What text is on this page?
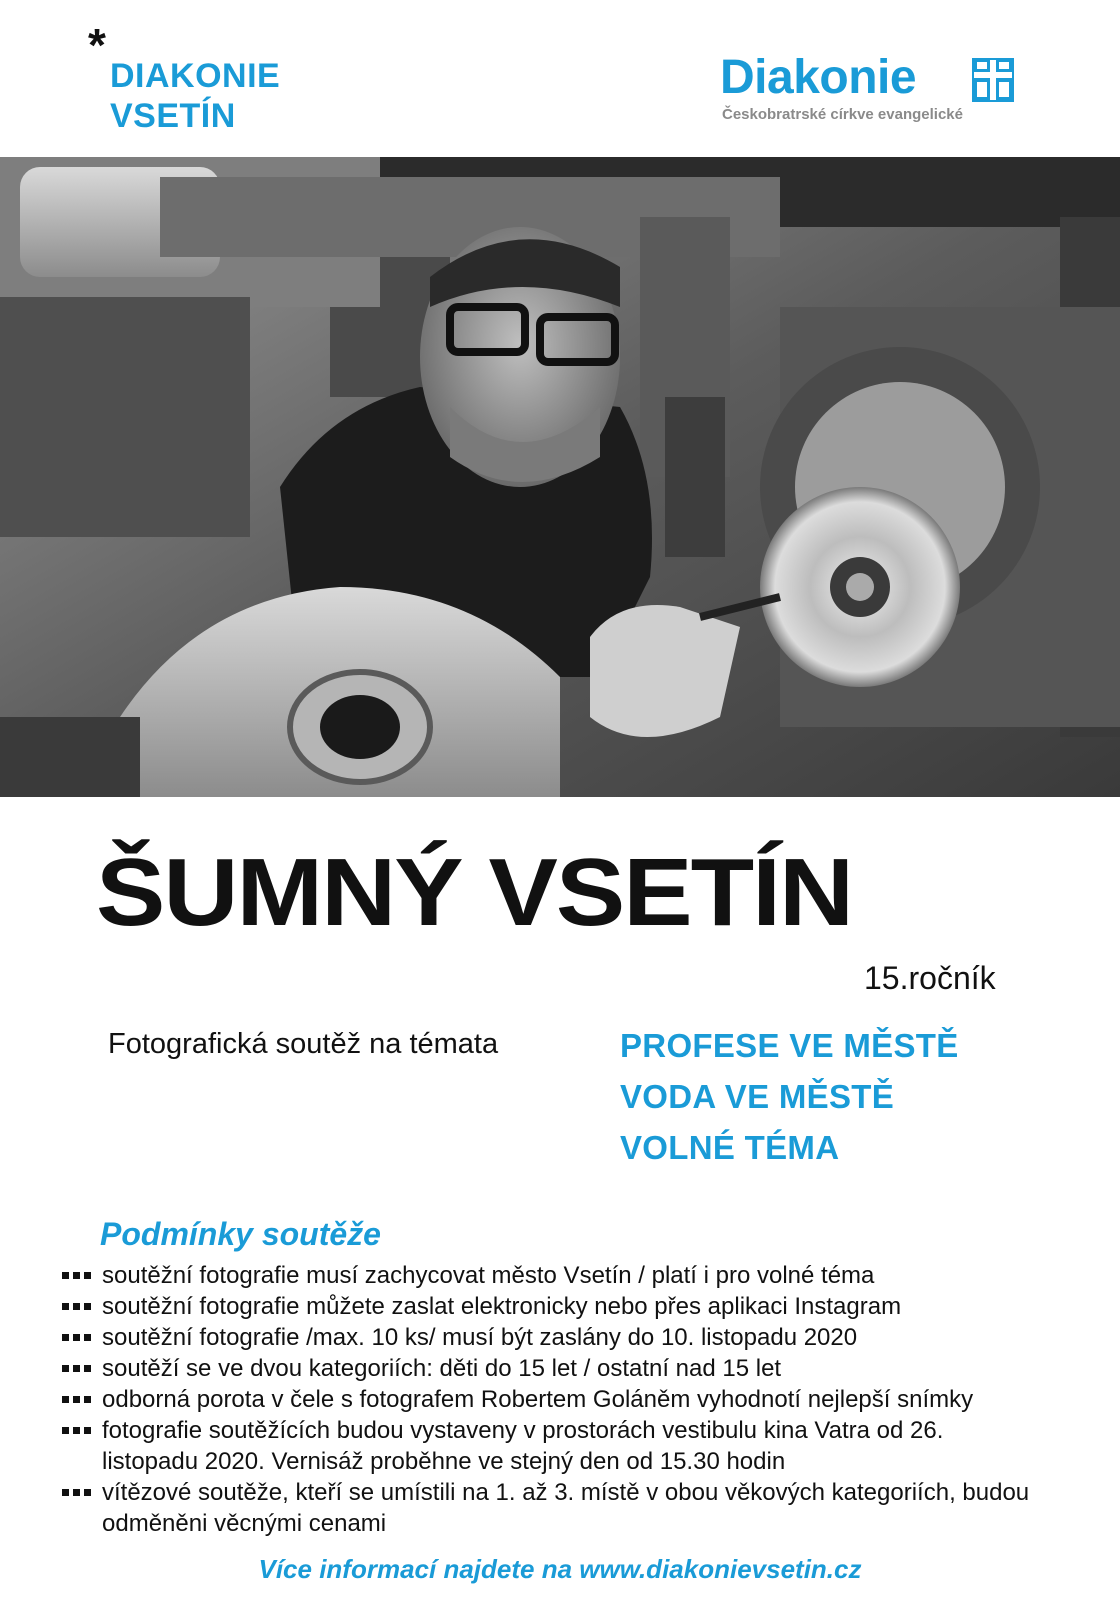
*
DIAKONIE
VSETÍN
Diakonie
Českobratrské církve evangelické
ŠUMNÝ VSETÍN
15.ročník
Fotografická soutěž na témata	PROFESE VE MĚSTĚ
VODA VE MĚSTĚ
VOLNÉ TÉMA
Podmínky soutěže
soutěžní fotografie musí zachycovat město Vsetín / platí i pro volné téma
soutěžní fotografie můžete zaslat elektronicky nebo přes aplikaci Instagram
soutěžní fotografie /max. 10 ks/ musí být zaslány do 10. listopadu 2020
soutěží se ve dvou kategoriích: děti do 15 let / ostatní nad 15 let
odborná porota v čele s fotografem Robertem Goláněm vyhodnotí nejlepší snímky
fotografie soutěžících budou vystaveny v prostorách vestibulu kina Vatra od 26. listopadu 2020. Vernisáž proběhne ve stejný den od 15.30 hodin
vítězové soutěže, kteří se umístili na 1. až 3. místě v obou věkových kategoriích, budou odměněni věcnými cenami
Více informací najdete na www.diakonievsetin.cz
